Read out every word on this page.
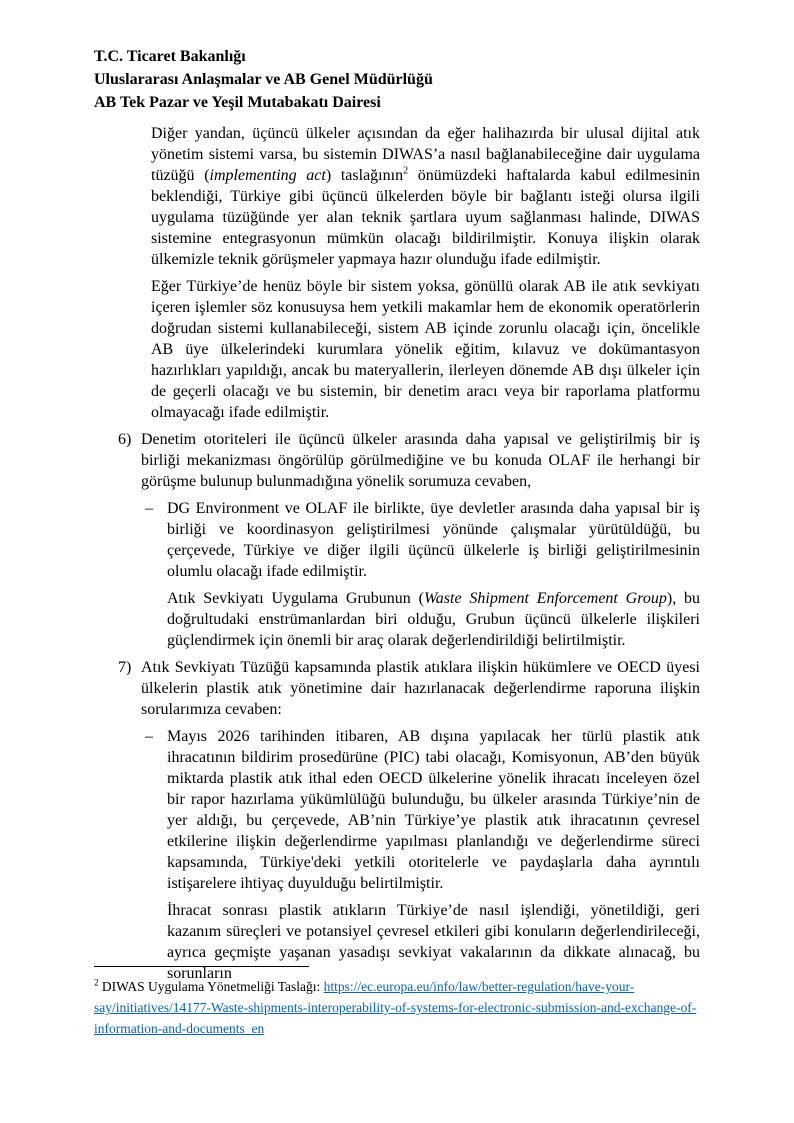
T.C. Ticaret Bakanlığı

Uluslararası Anlaşmalar ve AB Genel Müdürlüğü

AB Tek Pazar ve Yeşil Mutabakatı Dairesi

Diğer yandan, üçüncü ülkeler açısından da eğer halihazırda bir ulusal dijital atık yönetim sistemi varsa, bu sistemin DIWAS’a nasıl bağlanabileceğine dair uygulama tüzüğü (implementing act) taslağının$^2$ önümüzdeki haftalarda kabul edilmesinin beklendiği, Türkiye gibi üçüncü ülkelerden böyle bir bağlantı isteği olursa ilgili uygulama tüzüğünde yer alan teknik şartlara uyum sağlanması halinde, DIWAS sistemine entegrasyonun mümkün olacağı bildirilmiştir. Konuya ilişkin olarak ülkemizle teknik görüşmeler yapmaya hazır olunduğu ifade edilmiştir.

Eğer Türkiye’de henüz böyle bir sistem yoksa, gönüllü olarak AB ile atık sevkiyatı içeren işlemler söz konusuysa hem yetkili makamlar hem de ekonomik operatörlerin doğrudan sistemi kullanabileceği, sistem AB içinde zorunlu olacağı için, öncelikle AB üye ülkelerindeki kurumlara yönelik eğitim, kılavuz ve dokümantasyon hazırlıkları yapıldığı, ancak bu materyallerin, ilerleyen dönemde AB dışı ülkeler için de geçerli olacağı ve bu sistemin, bir denetim aracı veya bir raporlama platformu olmayacağı ifade edilmiştir.

6) Denetim otoriteleri ile üçüncü ülkeler arasında daha yapısal ve geliştirilmiş bir iş birliği mekanizması öngörülüp görülmediğine ve bu konuda OLAF ile herhangi bir görüşme bulunup bulunmadığına yönelik sorumuza cevaben,

– DG Environment ve OLAF ile birlikte, üye devletler arasında daha yapısal bir iş birliği ve koordinasyon geliştirilmesi yönünde çalışmalar yürütüldüğü, bu çerçevede, Türkiye ve diğer ilgili üçüncü ülkelerle iş birliği geliştirilmesinin olumlu olacağı ifade edilmiştir.

Atık Sevkiyatı Uygulama Grubunun (Waste Shipment Enforcement Group), bu doğrultudaki enstrümanlardan biri olduğu, Grubun üçüncü ülkelerle ilişkileri güçlendirmek için önemli bir araç olarak değerlendirildiği belirtilmiştir.

7) Atık Sevkiyatı Tüzüğü kapsamında plastik atıklara ilişkin hükümlere ve OECD üyesi ülkelerin plastik atık yönetimine dair hazırlanacak değerlendirme raporuna ilişkin sorularımıza cevaben:

– Mayıs 2026 tarihinden itibaren, AB dışına yapılacak her türlü plastik atık ihracatının bildirim prosedürüne (PIC) tabi olacağı, Komisyonun, AB’den büyük miktarda plastik atık ithal eden OECD ülkelerine yönelik ihracatı inceleyen özel bir rapor hazırlama yükümlülüğü bulunduğu, bu ülkeler arasında Türkiye’nin de yer aldığı, bu çerçevede, AB’nin Türkiye’ye plastik atık ihracatının çevresel etkilerine ilişkin değerlendirme yapılması planlandığı ve değerlendirme süreci kapsamında, Türkiye'deki yetkili otoritelerle ve paydaşlarla daha ayrıntılı istişarelere ihtiyaç duyulduğu belirtilmiştir.

İhracat sonrası plastik atıkların Türkiye’de nasıl işlendiği, yönetildiği, geri kazanım süreçleri ve potansiyel çevresel etkileri gibi konuların değerlendirileceği, ayrıca geçmişte yaşanan yasadışı sevkiyat vakalarının da dikkate alınacağ, bu sorunların

$^2$ DIWAS Uygulama Yönetmeliği Taslağı: https://ec.europa.eu/info/law/better-regulation/have-your-say/initiatives/14177-Waste-shipments-interoperability-of-systems-for-electronic-submission-and-exchange-of-information-and-documents_en
